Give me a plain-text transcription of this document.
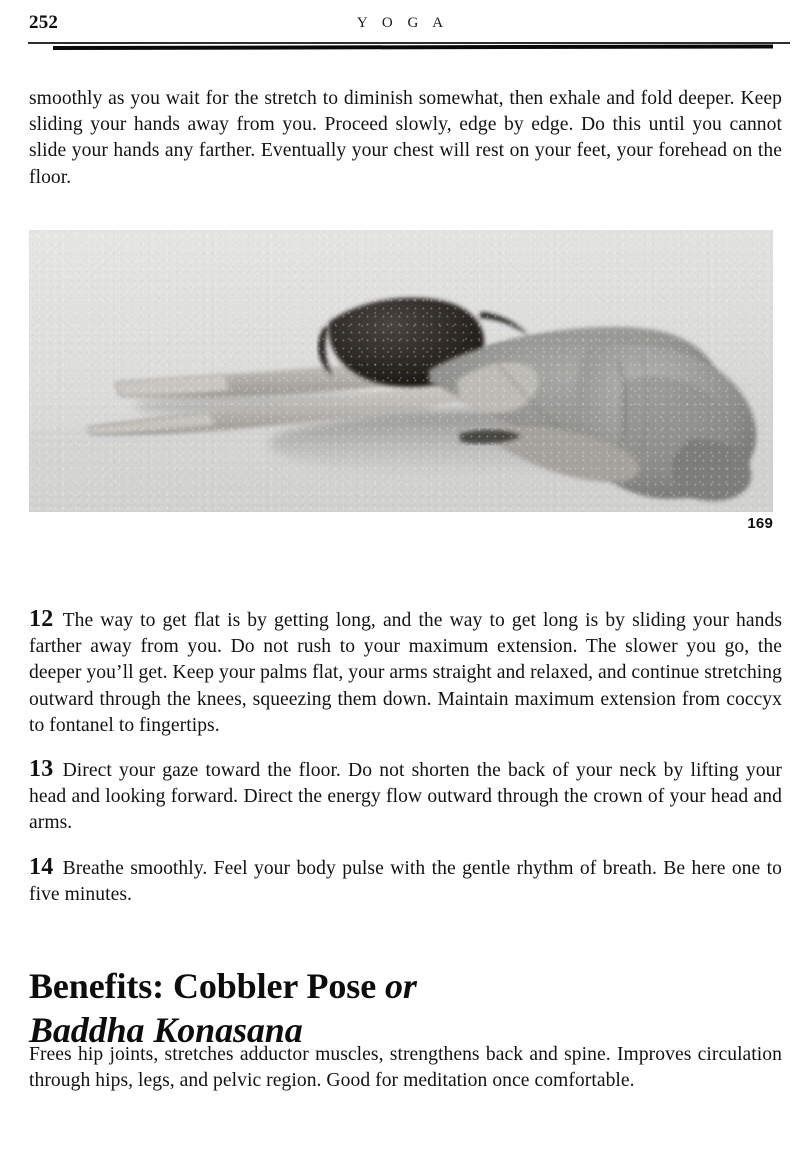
252	Y O G A

smoothly as you wait for the stretch to diminish somewhat, then exhale and fold deeper. Keep sliding your hands away from you. Proceed slowly, edge by edge. Do this until you cannot slide your hands any farther. Eventually your chest will rest on your feet, your forehead on the floor.

169

12 The way to get flat is by getting long, and the way to get long is by sliding your hands farther away from you. Do not rush to your maximum extension. The slower you go, the deeper you’ll get. Keep your palms flat, your arms straight and relaxed, and continue stretching outward through the knees, squeezing them down. Maintain maximum extension from coccyx to fontanel to fingertips.

13 Direct your gaze toward the floor. Do not shorten the back of your neck by lifting your head and looking forward. Direct the energy flow outward through the crown of your head and arms.

14 Breathe smoothly. Feel your body pulse with the gentle rhythm of breath. Be here one to five minutes.

Benefits: Cobbler Pose or
Baddha Konasana

Frees hip joints, stretches adductor muscles, strengthens back and spine. Improves circulation through hips, legs, and pelvic region. Good for meditation once comfortable.
